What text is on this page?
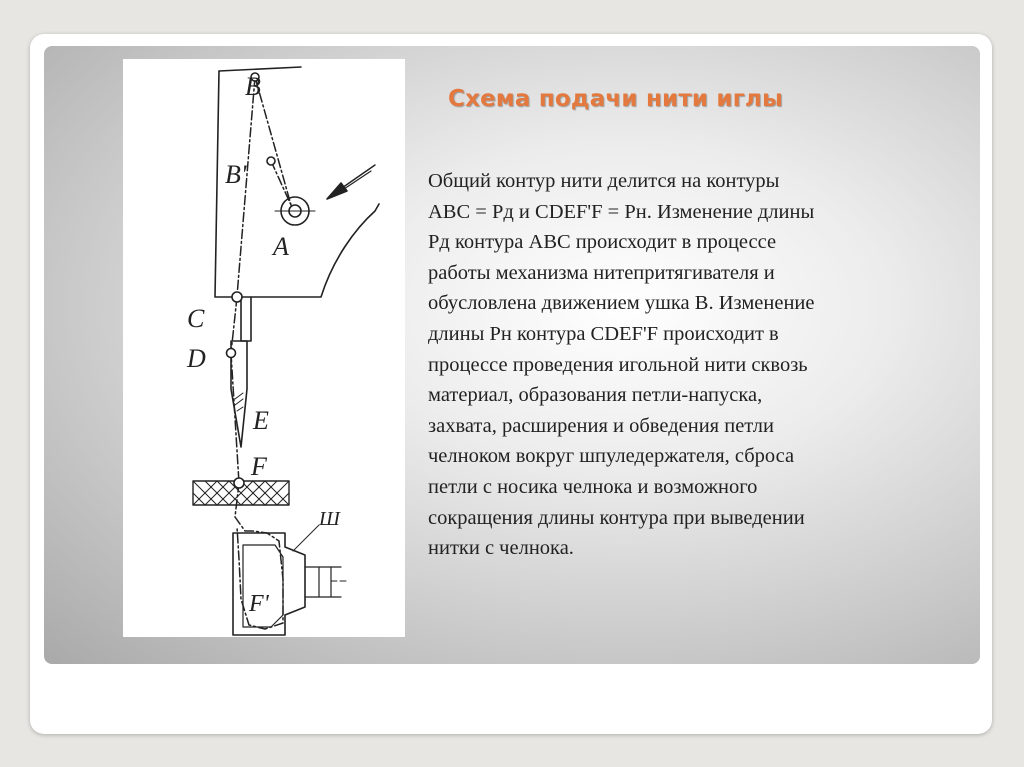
B
B'
A
C
D
E
F
F'
Ш
Схема подачи нити иглы

Общий контур нити делится на контуры
ABC = Pд и CDEF'F = Pн. Изменение длины
Pд контура ABC происходит в процессе
работы механизма нитепритягивателя и
обусловлена движением ушка B. Изменение
длины Pн контура CDEF'F происходит в
процессе проведения игольной нити сквозь
материал, образования петли-напуска,
захвата, расширения и обведения петли
челноком вокруг шпуледержателя, сброса
петли с носика челнока и возможного
сокращения длины контура при выведении
нитки с челнока.
